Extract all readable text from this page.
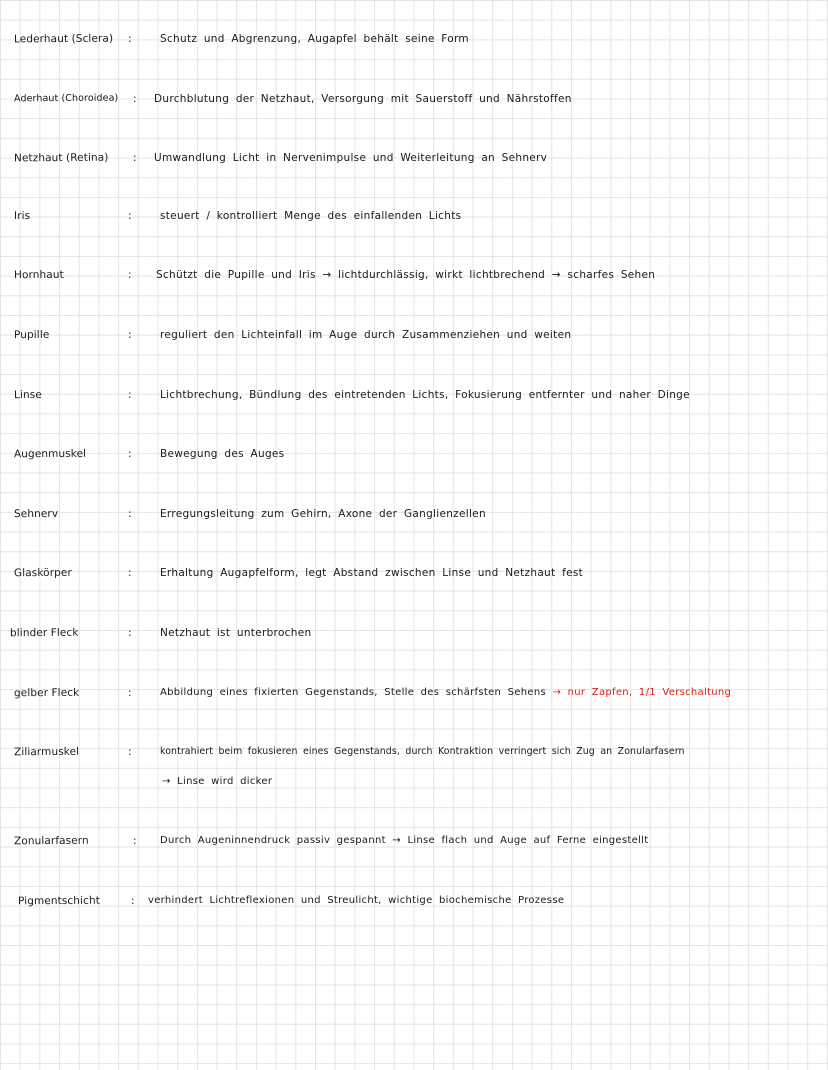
Lederhaut (Sclera) :	Schutz und Abgrenzung, Augapfel behält seine Form
Aderhaut (Choroidea) : Durchblutung der Netzhaut, Versorgung mit Sauerstoff und Nährstoffen
Netzhaut (Retina) : Umwandlung Licht in Nervenimpulse und Weiterleitung an Sehnerv
Iris	:	steuert / kontrolliert Menge des einfallenden Lichts
Hornhaut	: Schützt die Pupille und Iris → lichtdurchlässig, wirkt lichtbrechend → scharfes Sehen
Pupille	:	reguliert den Lichteinfall im Auge durch Zusammenziehen und weiten
Linse	:	Lichtbrechung, Bündlung des eintretenden Lichts, Fokusierung entfernter und naher Dinge
Augenmuskel	:	Bewegung des Auges
Sehnerv	:	Erregungsleitung zum Gehirn, Axone der Ganglienzellen
Glaskörper	:	Erhaltung Augapfelform, legt Abstand zwischen Linse und Netzhaut fest
blinder Fleck	:	Netzhaut ist unterbrochen
gelber Fleck	:	Abbildung eines fixierten Gegenstands, Stelle des schärfsten Sehens → nur Zapfen, 1/1 Verschaltung
Ziliarmuskel	:	kontrahiert beim fokusieren eines Gegenstands, durch Kontraktion verringert sich Zug an Zonularfasern
→ Linse wird dicker
Zonularfasern	: Durch Augeninnendruck passiv gespannt → Linse flach und Auge auf Ferne eingestellt
Pigmentschicht	: verhindert Lichtreflexionen und Streulicht, wichtige biochemische Prozesse
